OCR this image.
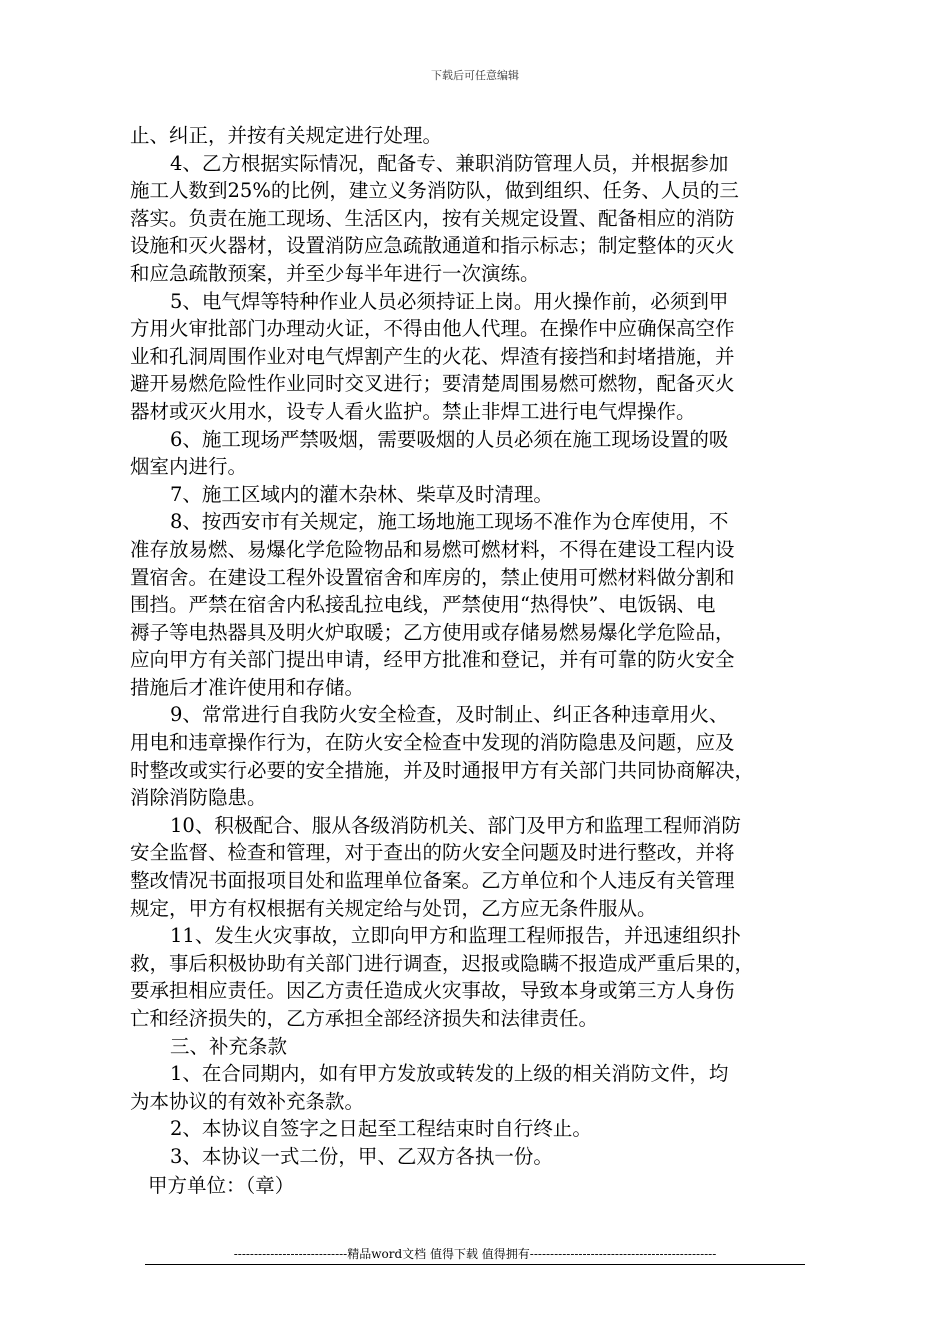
下载后可任意编辑
止、纠正，并按有关规定进行处理。
4、乙方根据实际情况，配备专、兼职消防管理人员，并根据参加
施工人数到25%的比例，建立义务消防队，做到组织、任务、人员的三
落实。负责在施工现场、生活区内，按有关规定设置、配备相应的消防
设施和灭火器材，设置消防应急疏散通道和指示标志；制定整体的灭火
和应急疏散预案，并至少每半年进行一次演练。
5、电气焊等特种作业人员必须持证上岗。用火操作前，必须到甲
方用火审批部门办理动火证，不得由他人代理。在操作中应确保高空作
业和孔洞周围作业对电气焊割产生的火花、焊渣有接挡和封堵措施，并
避开易燃危险性作业同时交叉进行；要清楚周围易燃可燃物，配备灭火
器材或灭火用水，设专人看火监护。禁止非焊工进行电气焊操作。
6、施工现场严禁吸烟，需要吸烟的人员必须在施工现场设置的吸
烟室内进行。
7、施工区域内的灌木杂林、柴草及时清理。
8、按西安市有关规定，施工场地施工现场不准作为仓库使用，不
准存放易燃、易爆化学危险物品和易燃可燃材料，不得在建设工程内设
置宿舍。在建设工程外设置宿舍和库房的，禁止使用可燃材料做分割和
围挡。严禁在宿舍内私接乱拉电线，严禁使用“热得快”、电饭锅、电
褥子等电热器具及明火炉取暖；乙方使用或存储易燃易爆化学危险品，
应向甲方有关部门提出申请，经甲方批准和登记，并有可靠的防火安全
措施后才准许使用和存储。
9、常常进行自我防火安全检查，及时制止、纠正各种违章用火、
用电和违章操作行为，在防火安全检查中发现的消防隐患及问题，应及
时整改或实行必要的安全措施，并及时通报甲方有关部门共同协商解决，
消除消防隐患。
10、积极配合、服从各级消防机关、部门及甲方和监理工程师消防
安全监督、检查和管理，对于查出的防火安全问题及时进行整改，并将
整改情况书面报项目处和监理单位备案。乙方单位和个人违反有关管理
规定，甲方有权根据有关规定给与处罚，乙方应无条件服从。
11、发生火灾事故，立即向甲方和监理工程师报告，并迅速组织扑
救，事后积极协助有关部门进行调查，迟报或隐瞒不报造成严重后果的，
要承担相应责任。因乙方责任造成火灾事故，导致本身或第三方人身伤
亡和经济损失的，乙方承担全部经济损失和法律责任。
三、补充条款
1、在合同期内，如有甲方发放或转发的上级的相关消防文件，均
为本协议的有效补充条款。
2、本协议自签字之日起至工程结束时自行终止。
3、本协议一式二份，甲、乙双方各执一份。
甲方单位：（章）
----------------------------精品word文档 值得下载 值得拥有----------------------------------------------
